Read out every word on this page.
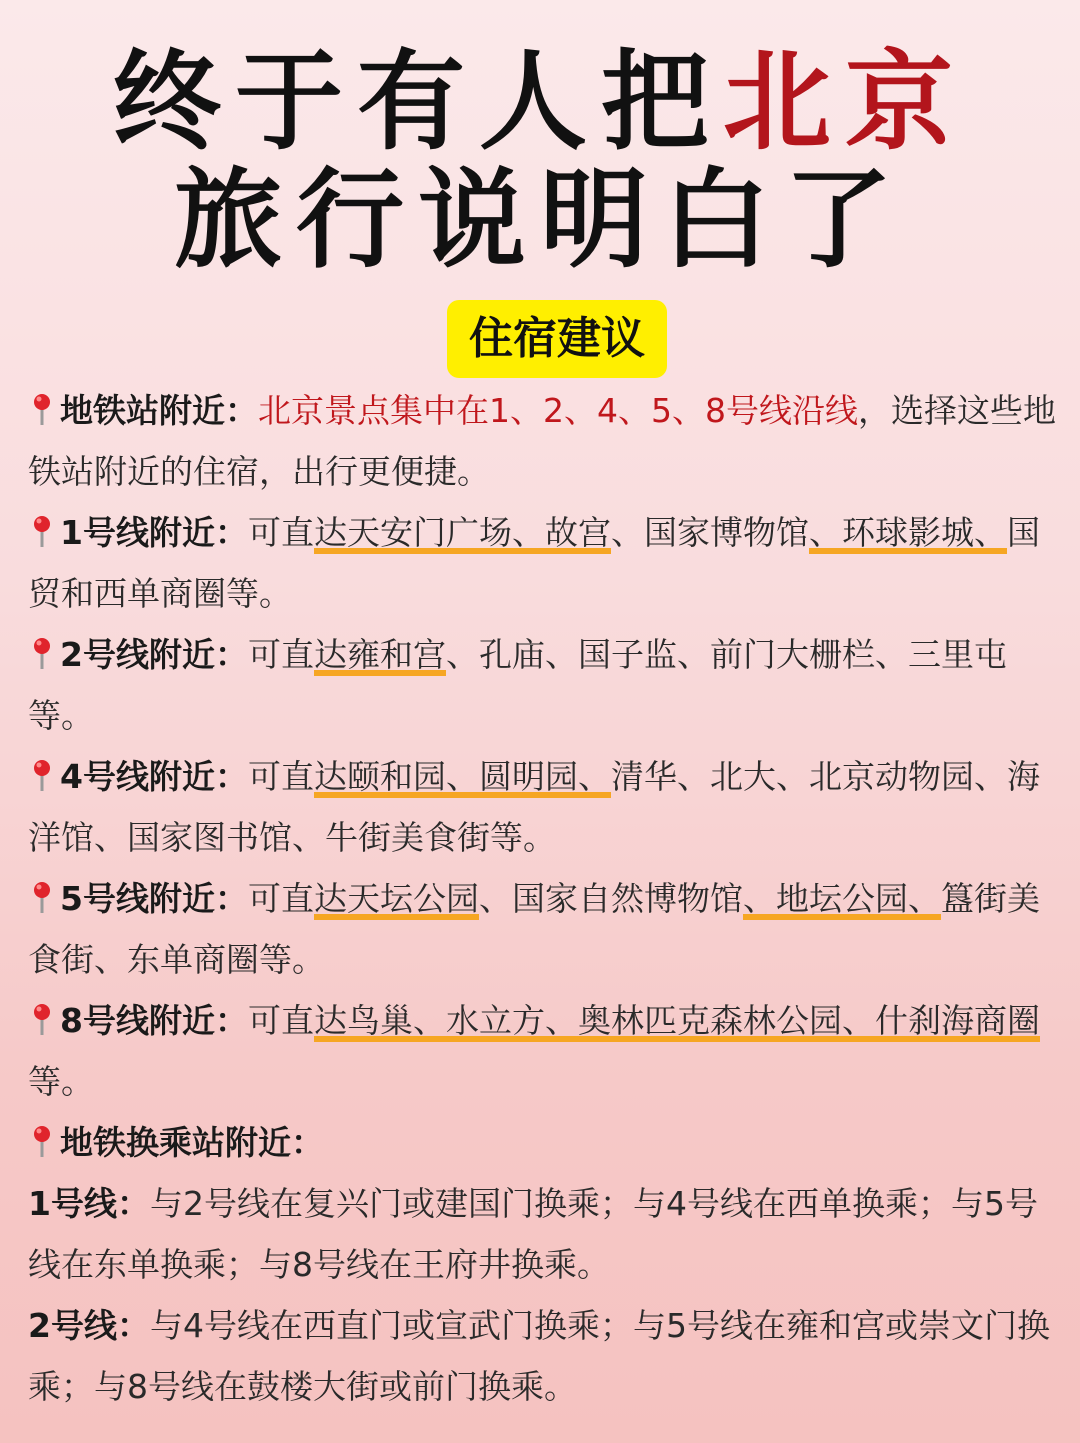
终于有人把北京
旅行说明白了
住宿建议
地铁站附近：北京景点集中在1、2、4、5、8号线沿线，选择这些地铁站附近的住宿，出行更便捷。
1号线附近：可直达天安门广场、故宫、国家博物馆、环球影城、国贸和西单商圈等。
2号线附近：可直达雍和宫、孔庙、国子监、前门大栅栏、三里屯等。
4号线附近：可直达颐和园、圆明园、清华、北大、北京动物园、海洋馆、国家图书馆、牛街美食街等。
5号线附近：可直达天坛公园、国家自然博物馆、地坛公园、簋街美食街、东单商圈等。
8号线附近：可直达鸟巢、水立方、奥林匹克森林公园、什刹海商圈等。
地铁换乘站附近：
1号线：与2号线在复兴门或建国门换乘；与4号线在西单换乘；与5号线在东单换乘；与8号线在王府井换乘。
2号线：与4号线在西直门或宣武门换乘；与5号线在雍和宫或崇文门换乘；与8号线在鼓楼大街或前门换乘。
